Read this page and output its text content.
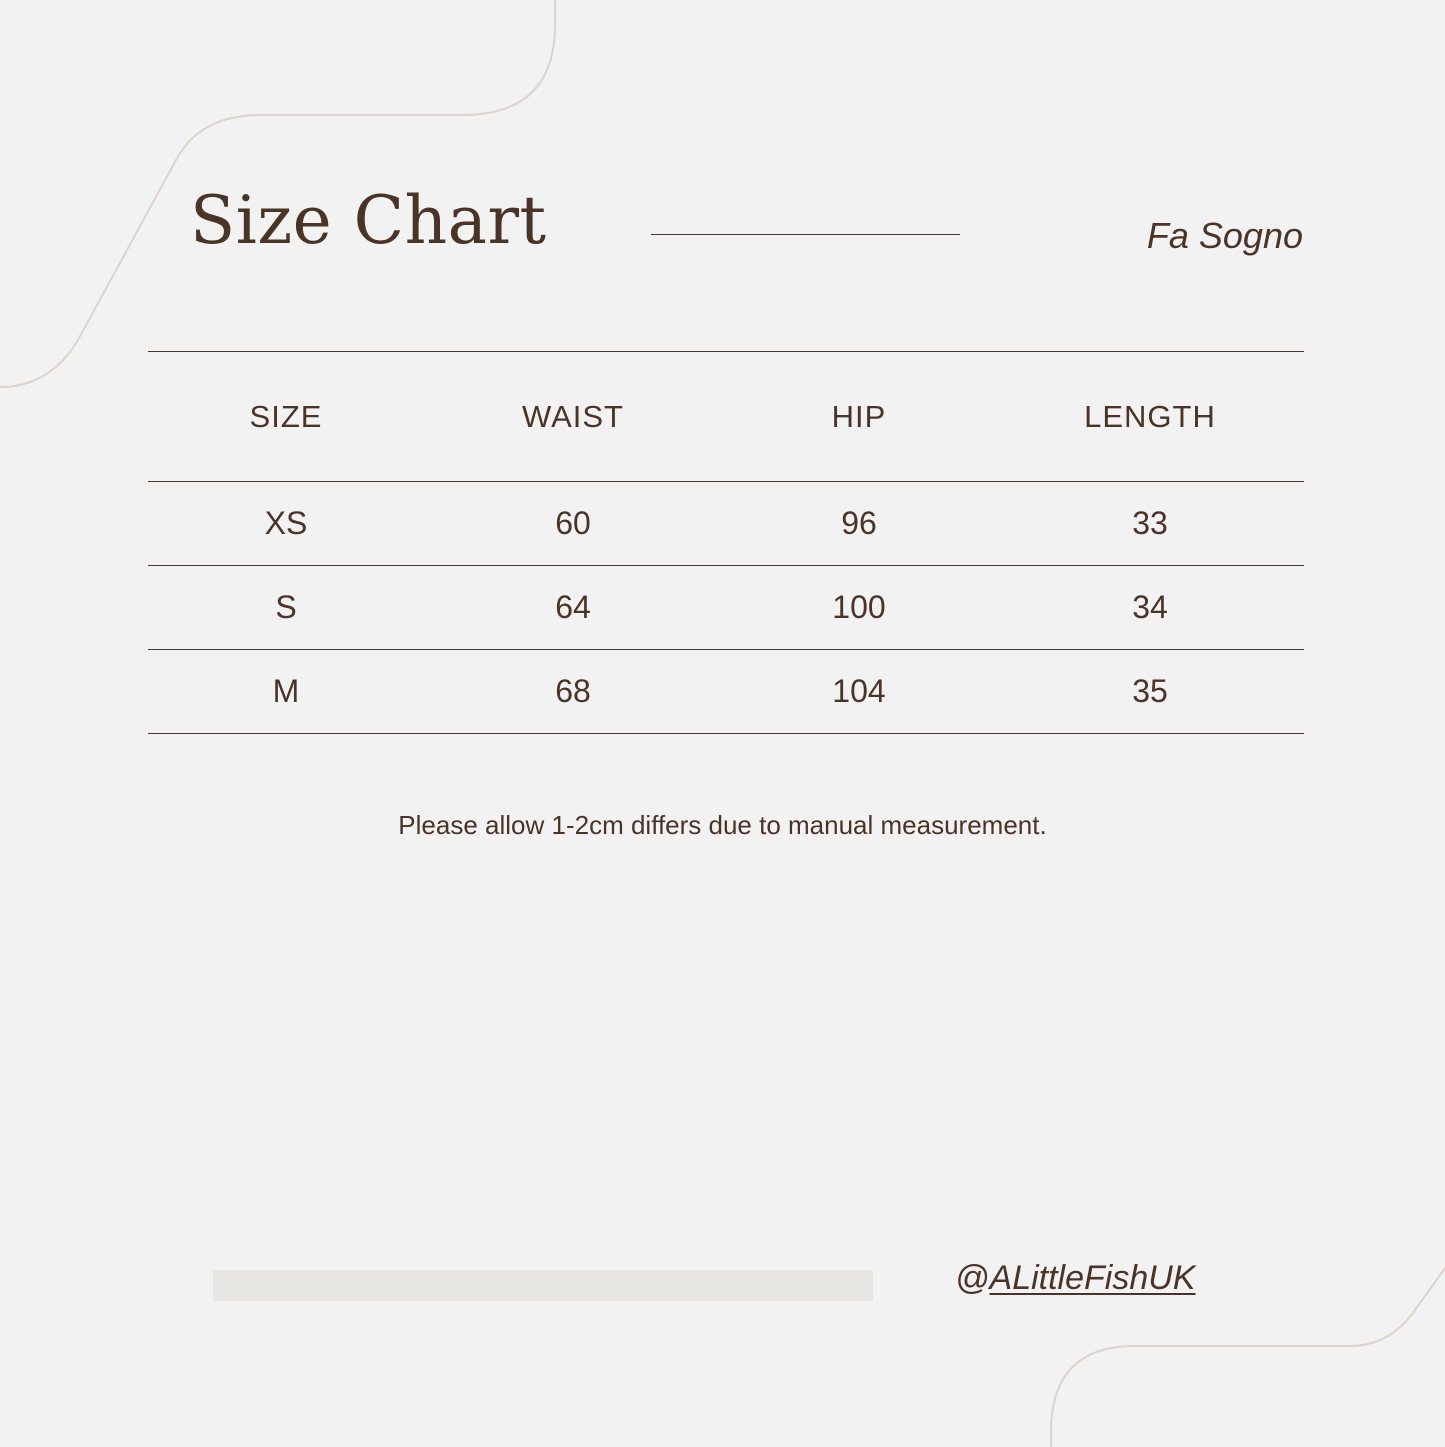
Size Chart	Fa Sogno
SIZE	WAIST	HIP	LENGTH
XS	60	96	33
S	64	100	34
M	68	104	35
Please allow 1-2cm differs due to manual measurement.
@ALittleFishUK
